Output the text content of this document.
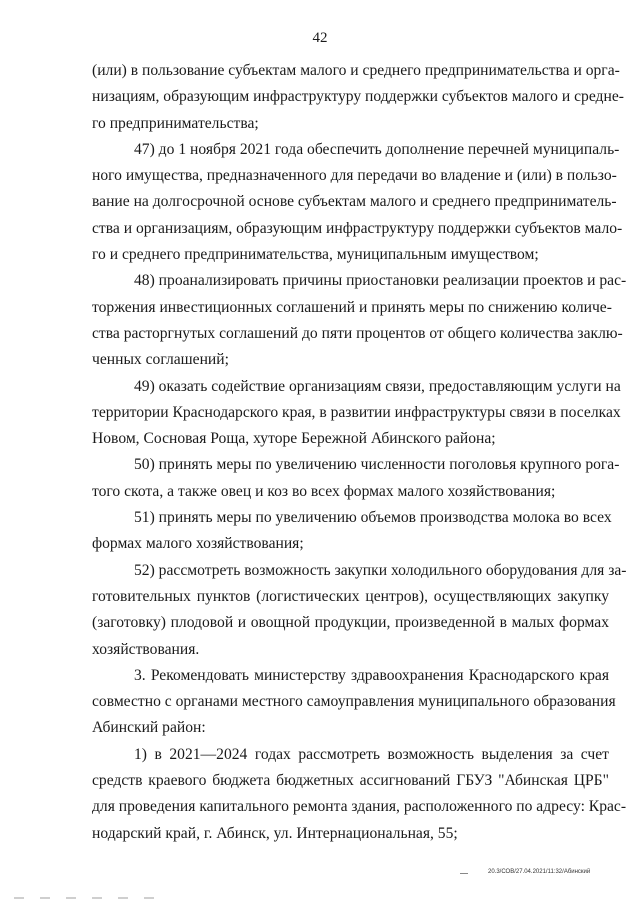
42

(или) в пользование субъектам малого и среднего предпринимательства и орга-
низациям, образующим инфраструктуру поддержки субъектов малого и средне-
го предпринимательства;

47) до 1 ноября 2021 года обеспечить дополнение перечней муниципаль-
ного имущества, предназначенного для передачи во владение и (или) в пользо-
вание на долгосрочной основе субъектам малого и среднего предприниматель-
ства и организациям, образующим инфраструктуру поддержки субъектов мало-
го и среднего предпринимательства, муниципальным имуществом;

48) проанализировать причины приостановки реализации проектов и рас-
торжения инвестиционных соглашений и принять меры по снижению количе-
ства расторгнутых соглашений до пяти процентов от общего количества заклю-
ченных соглашений;

49) оказать содействие организациям связи, предоставляющим услуги на
территории Краснодарского края, в развитии инфраструктуры связи в поселках
Новом, Сосновая Роща, хуторе Бережной Абинского района;

50) принять меры по увеличению численности поголовья крупного рога-
того скота, а также овец и коз во всех формах малого хозяйствования;

51) принять меры по увеличению объемов производства молока во всех
формах малого хозяйствования;

52) рассмотреть возможность закупки холодильного оборудования для за-
готовительных пунктов (логистических центров), осуществляющих закупку
(заготовку) плодовой и овощной продукции, произведенной в малых формах
хозяйствования.

3. Рекомендовать министерству здравоохранения Краснодарского края
совместно с органами местного самоуправления муниципального образования
Абинский район:

1) в 2021—2024 годах рассмотреть возможность выделения за счет
средств краевого бюджета бюджетных ассигнований ГБУЗ "Абинская ЦРБ"
для проведения капитального ремонта здания, расположенного по адресу: Крас-
нодарский край, г. Абинск, ул. Интернациональная, 55;

20.3/СОВ/27.04.2021/11:32/Абинский
